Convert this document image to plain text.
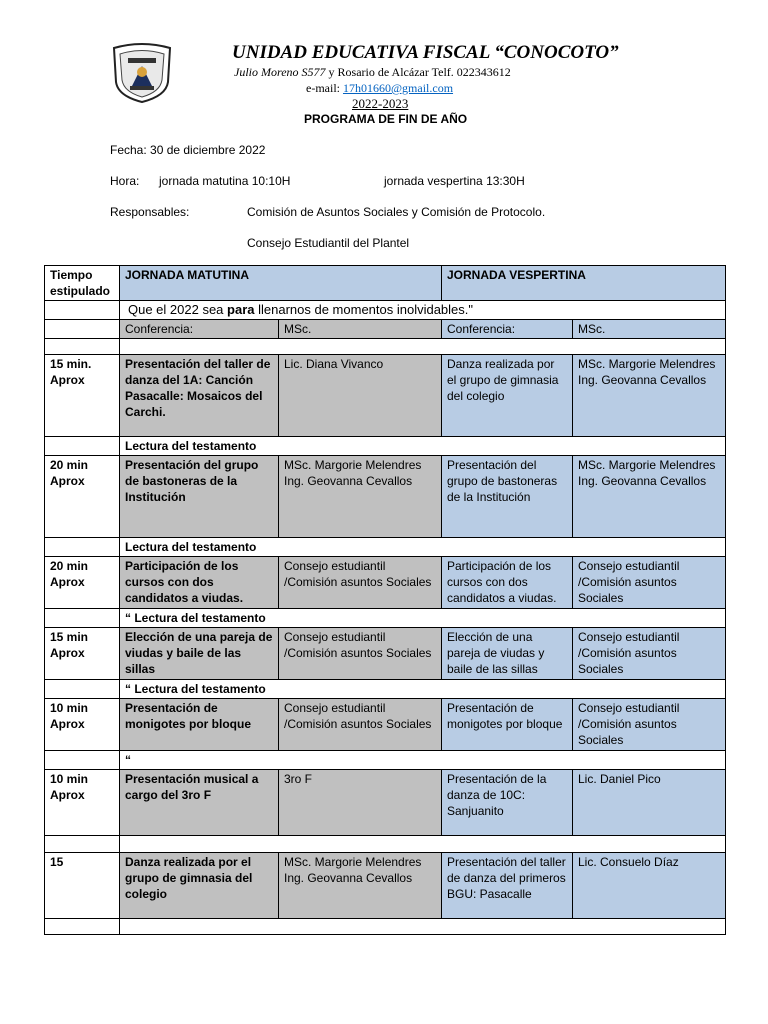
UNIDAD EDUCATIVA FISCAL “CONOCOTO”
Julio Moreno S577 y Rosario de Alcázar Telf. 022343612
e-mail: 17h01660@gmail.com
2022-2023
PROGRAMA DE FIN DE AÑO
Fecha: 30 de diciembre 2022
Hora: jornada matutina 10:10H	jornada vespertina 13:30H
Responsables:	Comisión de Asuntos Sociales y Comisión de Protocolo.
Consejo Estudiantil del Plantel
Tiempo estipulado	JORNADA MATUTINA		JORNADA VESPERTINA	
	Que el 2022 sea para llenarnos de momentos inolvidables."			
	Conferencia:	MSc.	Conferencia:	MSc.

15 min. Aprox	Presentación del taller de danza del 1A: Canción Pasacalle: Mosaicos del Carchi.	Lic. Diana Vivanco	Danza realizada por el grupo de gimnasia del colegio	MSc. Margorie Melendres Ing. Geovanna Cevallos
	Lectura del testamento			
20 min Aprox	Presentación del grupo de bastoneras de la Institución	MSc. Margorie Melendres Ing. Geovanna Cevallos	Presentación del grupo de bastoneras de la Institución	MSc. Margorie Melendres Ing. Geovanna Cevallos
	Lectura del testamento			
20 min Aprox	Participación de los cursos con dos candidatos a viudas.	Consejo estudiantil /Comisión asuntos Sociales	Participación de los cursos con dos candidatos a viudas.	Consejo estudiantil /Comisión asuntos Sociales
	“ Lectura del testamento			
15 min Aprox	Elección de una pareja de viudas y baile de las sillas	Consejo estudiantil /Comisión asuntos Sociales	Elección de una pareja de viudas y baile de las sillas	Consejo estudiantil /Comisión asuntos Sociales
	“ Lectura del testamento			
10 min Aprox	Presentación de monigotes por bloque	Consejo estudiantil /Comisión asuntos Sociales	Presentación de monigotes por bloque	Consejo estudiantil /Comisión asuntos Sociales
	“			
10 min Aprox	Presentación musical a cargo del 3ro F	3ro F	Presentación de la danza de 10C: Sanjuanito	Lic. Daniel Pico

15	Danza realizada por el grupo de gimnasia del colegio	MSc. Margorie Melendres Ing. Geovanna Cevallos	Presentación del taller de danza del primeros BGU: Pasacalle	Lic. Consuelo Díaz
